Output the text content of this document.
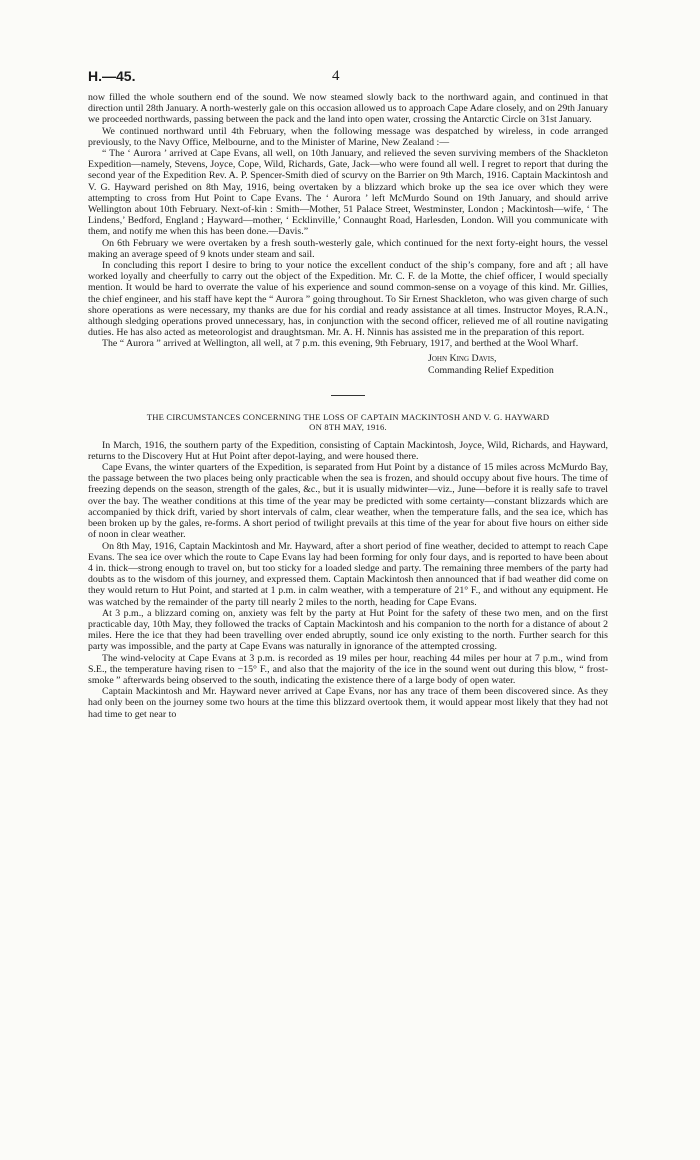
H.—45.	4

now filled the whole southern end of the sound. We now steamed slowly back to the northward again, and continued in that direction until 28th January. A north-westerly gale on this occasion allowed us to approach Cape Adare closely, and on 29th January we proceeded northwards, passing between the pack and the land into open water, crossing the Antarctic Circle on 31st January.

We continued northward until 4th February, when the following message was despatched by wireless, in code arranged previously, to the Navy Office, Melbourne, and to the Minister of Marine, New Zealand :—

“ The ‘ Aurora ’ arrived at Cape Evans, all well, on 10th January, and relieved the seven surviving members of the Shackleton Expedition—namely, Stevens, Joyce, Cope, Wild, Richards, Gate, Jack—who were found all well. I regret to report that during the second year of the Expedition Rev. A. P. Spencer-Smith died of scurvy on the Barrier on 9th March, 1916. Captain Mackintosh and V. G. Hayward perished on 8th May, 1916, being overtaken by a blizzard which broke up the sea ice over which they were attempting to cross from Hut Point to Cape Evans. The ‘ Aurora ’ left McMurdo Sound on 19th January, and should arrive Wellington about 10th February. Next-of-kin : Smith—Mother, 51 Palace Street, Westminster, London ; Mackintosh—wife, ‘ The Lindens,’ Bedford, England ; Hayward—mother, ‘ Ecklinville,’ Connaught Road, Harlesden, London. Will you communicate with them, and notify me when this has been done.—Davis.”

On 6th February we were overtaken by a fresh south-westerly gale, which continued for the next forty-eight hours, the vessel making an average speed of 9 knots under steam and sail.

In concluding this report I desire to bring to your notice the excellent conduct of the ship’s company, fore and aft ; all have worked loyally and cheerfully to carry out the object of the Expedition. Mr. C. F. de la Motte, the chief officer, I would specially mention. It would be hard to overrate the value of his experience and sound common-sense on a voyage of this kind. Mr. Gillies, the chief engineer, and his staff have kept the “ Aurora ” going throughout. To Sir Ernest Shackleton, who was given charge of such shore operations as were necessary, my thanks are due for his cordial and ready assistance at all times. Instructor Moyes, R.A.N., although sledging operations proved unnecessary, has, in conjunction with the second officer, relieved me of all routine navigating duties. He has also acted as meteorologist and draughtsman. Mr. A. H. Ninnis has assisted me in the preparation of this report.

The “ Aurora ” arrived at Wellington, all well, at 7 p.m. this evening, 9th February, 1917, and berthed at the Wool Wharf.

John King Davis,
Commanding Relief Expedition
THE CIRCUMSTANCES CONCERNING THE LOSS OF CAPTAIN MACKINTOSH AND V. G. HAYWARD
ON 8TH MAY, 1916.

In March, 1916, the southern party of the Expedition, consisting of Captain Mackintosh, Joyce, Wild, Richards, and Hayward, returns to the Discovery Hut at Hut Point after depot-laying, and were housed there.

Cape Evans, the winter quarters of the Expedition, is separated from Hut Point by a distance of 15 miles across McMurdo Bay, the passage between the two places being only practicable when the sea is frozen, and should occupy about five hours. The time of freezing depends on the season, strength of the gales, &c., but it is usually midwinter—viz., June—before it is really safe to travel over the bay. The weather conditions at this time of the year may be predicted with some certainty—constant blizzards which are accompanied by thick drift, varied by short intervals of calm, clear weather, when the temperature falls, and the sea ice, which has been broken up by the gales, re-forms. A short period of twilight prevails at this time of the year for about five hours on either side of noon in clear weather.

On 8th May, 1916, Captain Mackintosh and Mr. Hayward, after a short period of fine weather, decided to attempt to reach Cape Evans. The sea ice over which the route to Cape Evans lay had been forming for only four days, and is reported to have been about 4 in. thick—strong enough to travel on, but too sticky for a loaded sledge and party. The remaining three members of the party had doubts as to the wisdom of this journey, and expressed them. Captain Mackintosh then announced that if bad weather did come on they would return to Hut Point, and started at 1 p.m. in calm weather, with a temperature of 21° F., and without any equipment. He was watched by the remainder of the party till nearly 2 miles to the north, heading for Cape Evans.

At 3 p.m., a blizzard coming on, anxiety was felt by the party at Hut Point for the safety of these two men, and on the first practicable day, 10th May, they followed the tracks of Captain Mackintosh and his companion to the north for a distance of about 2 miles. Here the ice that they had been travelling over ended abruptly, sound ice only existing to the north. Further search for this party was impossible, and the party at Cape Evans was naturally in ignorance of the attempted crossing.

The wind-velocity at Cape Evans at 3 p.m. is recorded as 19 miles per hour, reaching 44 miles per hour at 7 p.m., wind from S.E., the temperature having risen to −15° F., and also that the majority of the ice in the sound went out during this blow, “ frost-smoke ” afterwards being observed to the south, indicating the existence there of a large body of open water.

Captain Mackintosh and Mr. Hayward never arrived at Cape Evans, nor has any trace of them been discovered since. As they had only been on the journey some two hours at the time this blizzard overtook them, it would appear most likely that they had not had time to get near to
